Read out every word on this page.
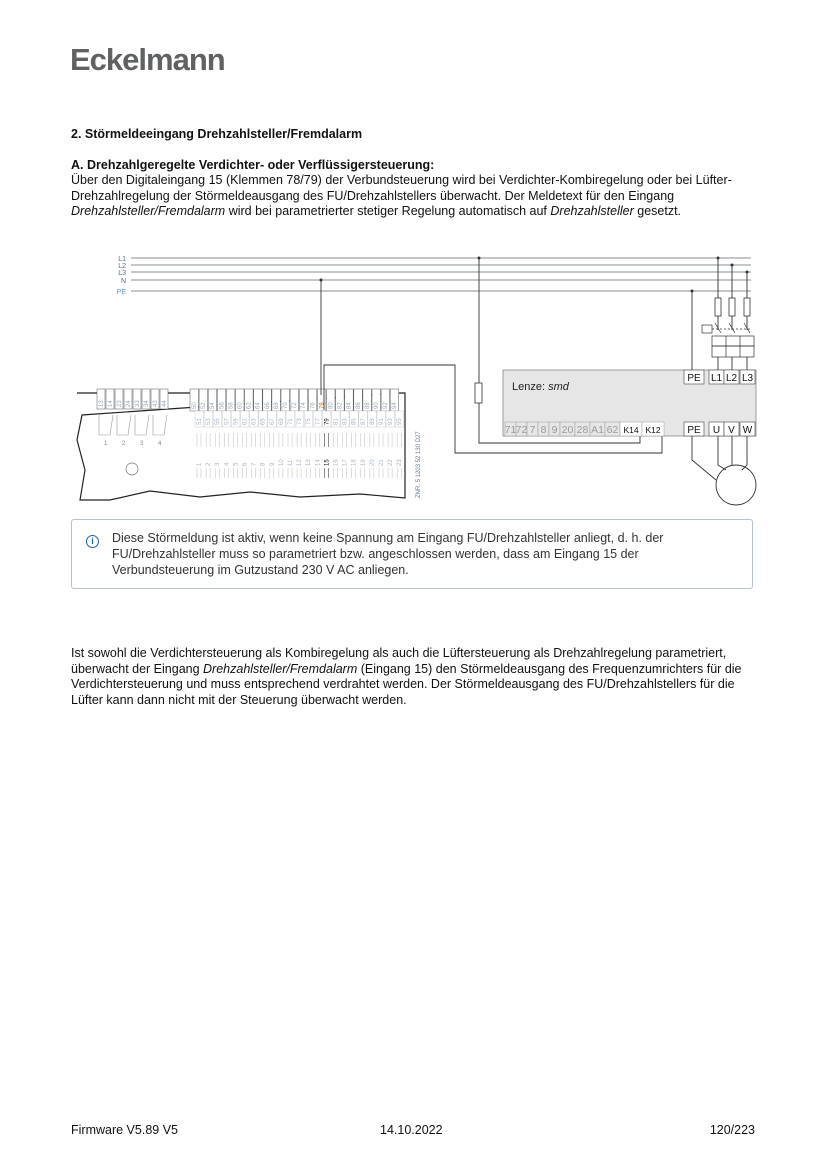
Eckelmann
2. Störmeldeeingang Drehzahlsteller/Fremdalarm
A. Drehzahlgeregelte Verdichter- oder Verflüssigersteuerung:
Über den Digitaleingang 15 (Klemmen 78/79) der Verbundsteuerung wird bei Verdichter-Kombiregelung oder bei Lüfter-Drehzahlregelung der Störmeldeausgang des FU/Drehzahlstellers überwacht. Der Meldetext für den Eingang Drehzahlsteller/Fremdalarm wird bei parametrierter stetiger Regelung automatisch auf Drehzahlsteller gesetzt.
L1
L2
L3
N
PE
13 14 23 24 33 34 43 44
1 2 3 4
50 52 54 56 58 60 62 64 66 68 70 72 74 76 78 80 82 84 86 88 90 92 94
51 53 55 57 59 61 63 65 67 69 71 73 75 77 79 81 83 85 87 89 91 93 95
1 2 3 4 5 6 7 8 9 10 11 12 13 14 15 16 17 18 19 20 21 22 23 ZNR. 5 1203 52 130 D27
Lenze: smd
PE L1 L2 L3
71 72 7 8 9 20 28 A1 62 K14 K12	PE U V W
i	Diese Störmeldung ist aktiv, wenn keine Spannung am Eingang FU/Drehzahlsteller anliegt, d. h. der FU/Drehzahlsteller muss so parametriert bzw. angeschlossen werden, dass am Eingang 15 der Verbundsteuerung im Gutzustand 230 V AC anliegen.
Ist sowohl die Verdichtersteuerung als Kombiregelung als auch die Lüftersteuerung als Drehzahlregelung parametriert, überwacht der Eingang Drehzahlsteller/Fremdalarm (Eingang 15) den Störmeldeausgang des Frequenzumrichters für die Verdichtersteuerung und muss entsprechend verdrahtet werden. Der Störmeldeausgang des FU/Drehzahlstellers für die Lüfter kann dann nicht mit der Steuerung überwacht werden.
Firmware V5.89 V5	14.10.2022	120/223
